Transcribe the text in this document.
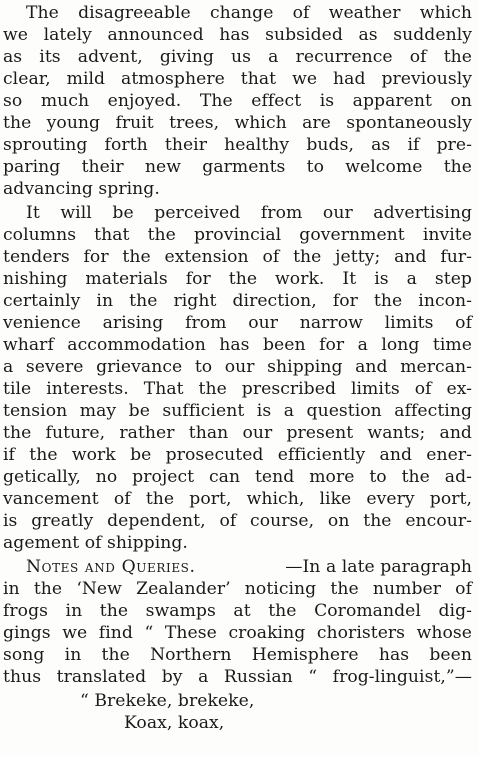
The disagreeable change of weather which
we lately announced has subsided as suddenly
as its advent, giving us a recurrence of the
clear, mild atmosphere that we had previously
so much enjoyed. The effect is apparent on
the young fruit trees, which are spontaneously
sprouting forth their healthy buds, as if pre-
paring their new garments to welcome the
advancing spring.
It will be perceived from our advertising
columns that the provincial government invite
tenders for the extension of the jetty; and fur-
nishing materials for the work. It is a step
certainly in the right direction, for the incon-
venience arising from our narrow limits of
wharf accommodation has been for a long time
a severe grievance to our shipping and mercan-
tile interests. That the prescribed limits of ex-
tension may be sufficient is a question affecting
the future, rather than our present wants; and
if the work be prosecuted efficiently and ener-
getically, no project can tend more to the ad-
vancement of the port, which, like every port,
is greatly dependent, of course, on the encour-
agement of shipping.
Notes and Queries.	—In a late paragraph
in the ‘New Zealander’ noticing the number of
frogs in the swamps at the Coromandel dig-
gings we find “ These croaking choristers whose
song in the Northern Hemisphere has been
thus translated by a Russian “ frog-linguist,”—
“ Brekeke, brekeke,
Koax, koax,
